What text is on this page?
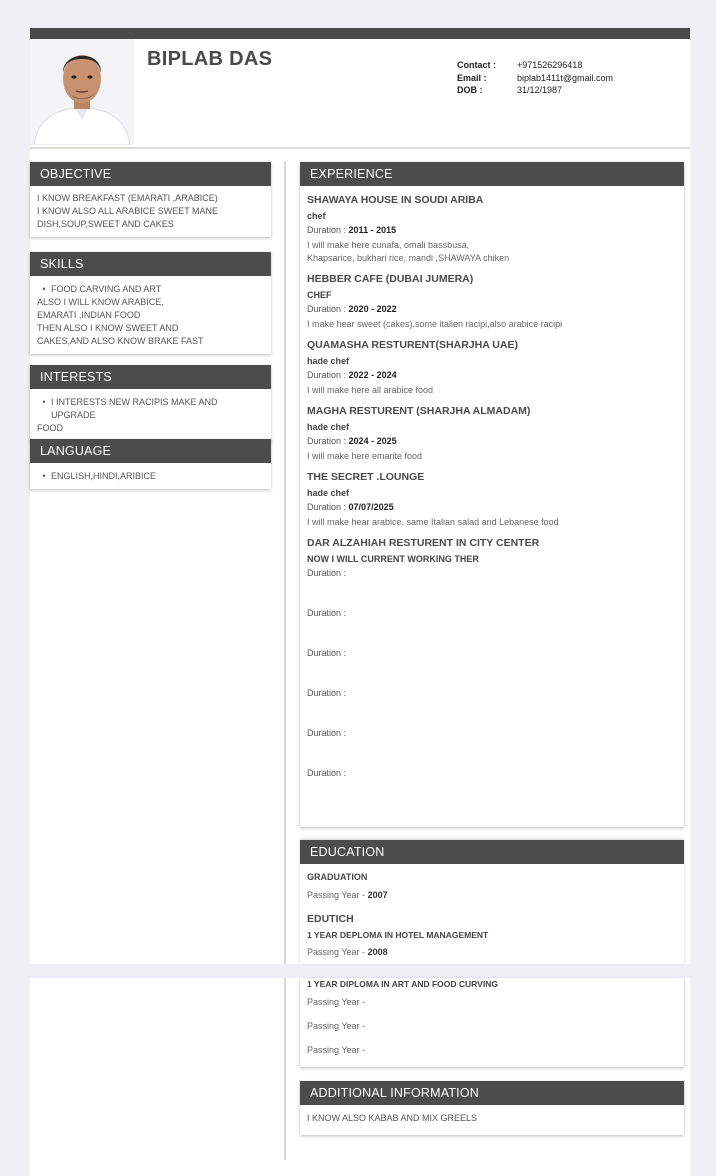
BIPLAB DAS	Contact :	+971526296418
Email :	biplab1411t@gmail.com
DOB :	31/12/1987
OBJECTIVE
I KNOW BREAKFAST (EMARATI ,ARABICE)
I KNOW ALSO ALL ARABICE SWEET MANE
DISH,SOUP,SWEET AND CAKES
SKILLS
• FOOD CARVING AND ART
ALSO I WILL KNOW ARABICE,
EMARATI ,INDIAN FOOD
THEN ALSO I KNOW SWEET AND
CAKES,AND ALSO KNOW BRAKE FAST
INTERESTS
• I INTERESTS NEW RACIPIS MAKE AND UPGRADE
FOOD
LANGUAGE
• ENGLISH,HINDI,ARIBICE
EXPERIENCE
SHAWAYA HOUSE IN SOUDI ARIBA
chef
Duration : 2011 - 2015
I will make here cunafa, omali bassbusa,
Khapsarice, bukhari rice, mandi ,SHAWAYA chiken
HEBBER CAFE (DUBAI JUMERA)
CHEF
Duration : 2020 - 2022
I make hear sweet (cakes),some italien racipi,also arabice racipi
QUAMASHA RESTURENT(SHARJHA UAE)
hade chef
Duration : 2022 - 2024
I will make here all arabice food
MAGHA RESTURENT (SHARJHA ALMADAM)
hade chef
Duration : 2024 - 2025
I will make here emarite food
THE SECRET .LOUNGE
hade chef
Duration : 07/07/2025
I will make hear arabice, same Italian salad and Lebanese food
DAR ALZAHIAH RESTURENT IN CITY CENTER
NOW I WILL CURRENT WORKING THER
Duration :
Duration :
Duration :
Duration :
Duration :
Duration :
EDUCATION
GRADUATION
Passing Year - 2007
EDUTICH
1 YEAR DEPLOMA IN HOTEL MANAGEMENT
Passing Year - 2008
1 YEAR DIPLOMA IN ART AND FOOD CURVING
Passing Year -
Passing Year -
Passing Year -
ADDITIONAL INFORMATION
I KNOW ALSO KABAB AND MIX GREELS
